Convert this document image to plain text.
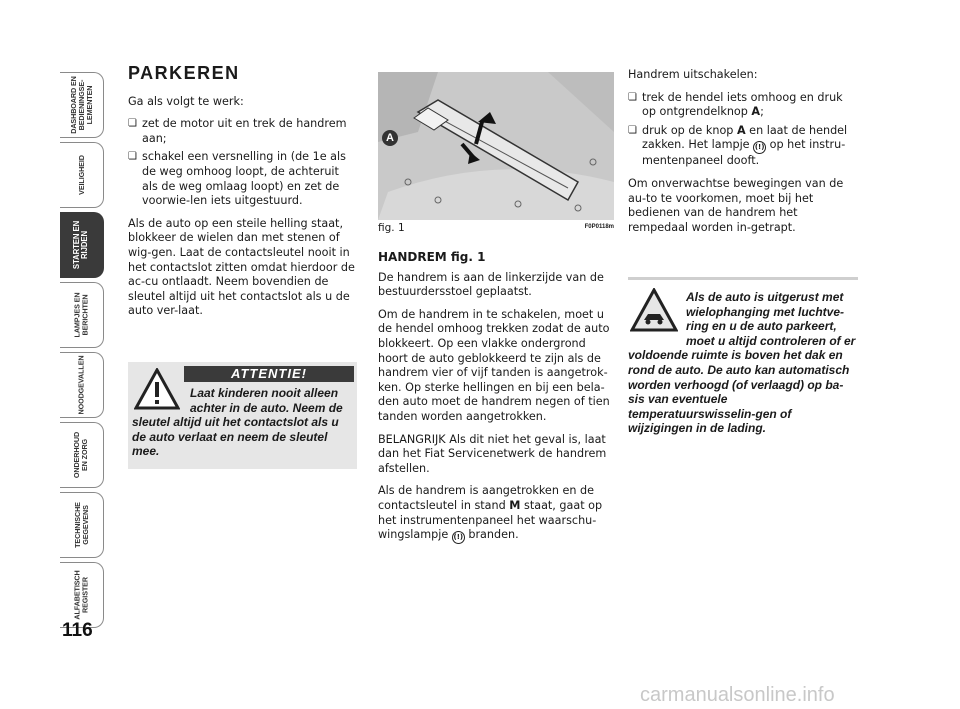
DASHBOARD EN
BEDIENINGSE-
LEMENTEN
VEILIGHEID
STARTEN EN
RIJDEN
LAMPJES EN
BERICHTEN
NOODGEVALLEN
ONDERHOUD
EN ZORG
TECHNISCHE
GEGEVENS
ALFABETISCH
REGISTER
116
PARKEREN

Ga als volgt te werk:

❏ zet de motor uit en trek de handrem aan;
❏ schakel een versnelling in (de 1e als de weg omhoog loopt, de achteruit als de weg omlaag loopt) en zet de voorwie-len iets uitgestuurd.

Als de auto op een steile helling staat, blokkeer de wielen dan met stenen of wig-gen. Laat de contactsleutel nooit in het contactslot zitten omdat hierdoor de ac-cu ontlaadt. Neem bovendien de sleutel altijd uit het contactslot als u de auto ver-laat.

ATTENTIE!
Laat kinderen nooit alleen achter in de auto. Neem de
sleutel altijd uit het contactslot als u de auto verlaat en neem de sleutel mee.
A
fig. 1	F0P0118m
HANDREM fig. 1

De handrem is aan de linkerzijde van de bestuurdersstoel geplaatst.

Om de handrem in te schakelen, moet u de hendel omhoog trekken zodat de auto blokkeert. Op een vlakke ondergrond hoort de auto geblokkeerd te zijn als de handrem vier of vijf tanden is aangetrok-ken. Op sterke hellingen en bij een bela-den auto moet de handrem negen of tien tanden worden aangetrokken.

BELANGRIJK Als dit niet het geval is, laat dan het Fiat Servicenetwerk de handrem afstellen.

Als de handrem is aangetrokken en de contactsleutel in stand M staat, gaat op het instrumentenpaneel het waarschu-wingslampje (!) branden.

Handrem uitschakelen:

❏ trek de hendel iets omhoog en druk op ontgrendelknop A;
❏ druk op de knop A en laat de hendel zakken. Het lampje (!) op het instru-mentenpaneel dooft.

Om onverwachtse bewegingen van de au-to te voorkomen, moet bij het bedienen van de handrem het rempedaal worden in-getrapt.

Als de auto is uitgerust met wielophanging met luchtve-ring en u de auto parkeert, moet u altijd controleren of er
voldoende ruimte is boven het dak en rond de auto. De auto kan automatisch worden verhoogd (of verlaagd) op ba-sis van eventuele temperatuurswisselin-gen of wijzigingen in de lading.
carmanualsonline.info
